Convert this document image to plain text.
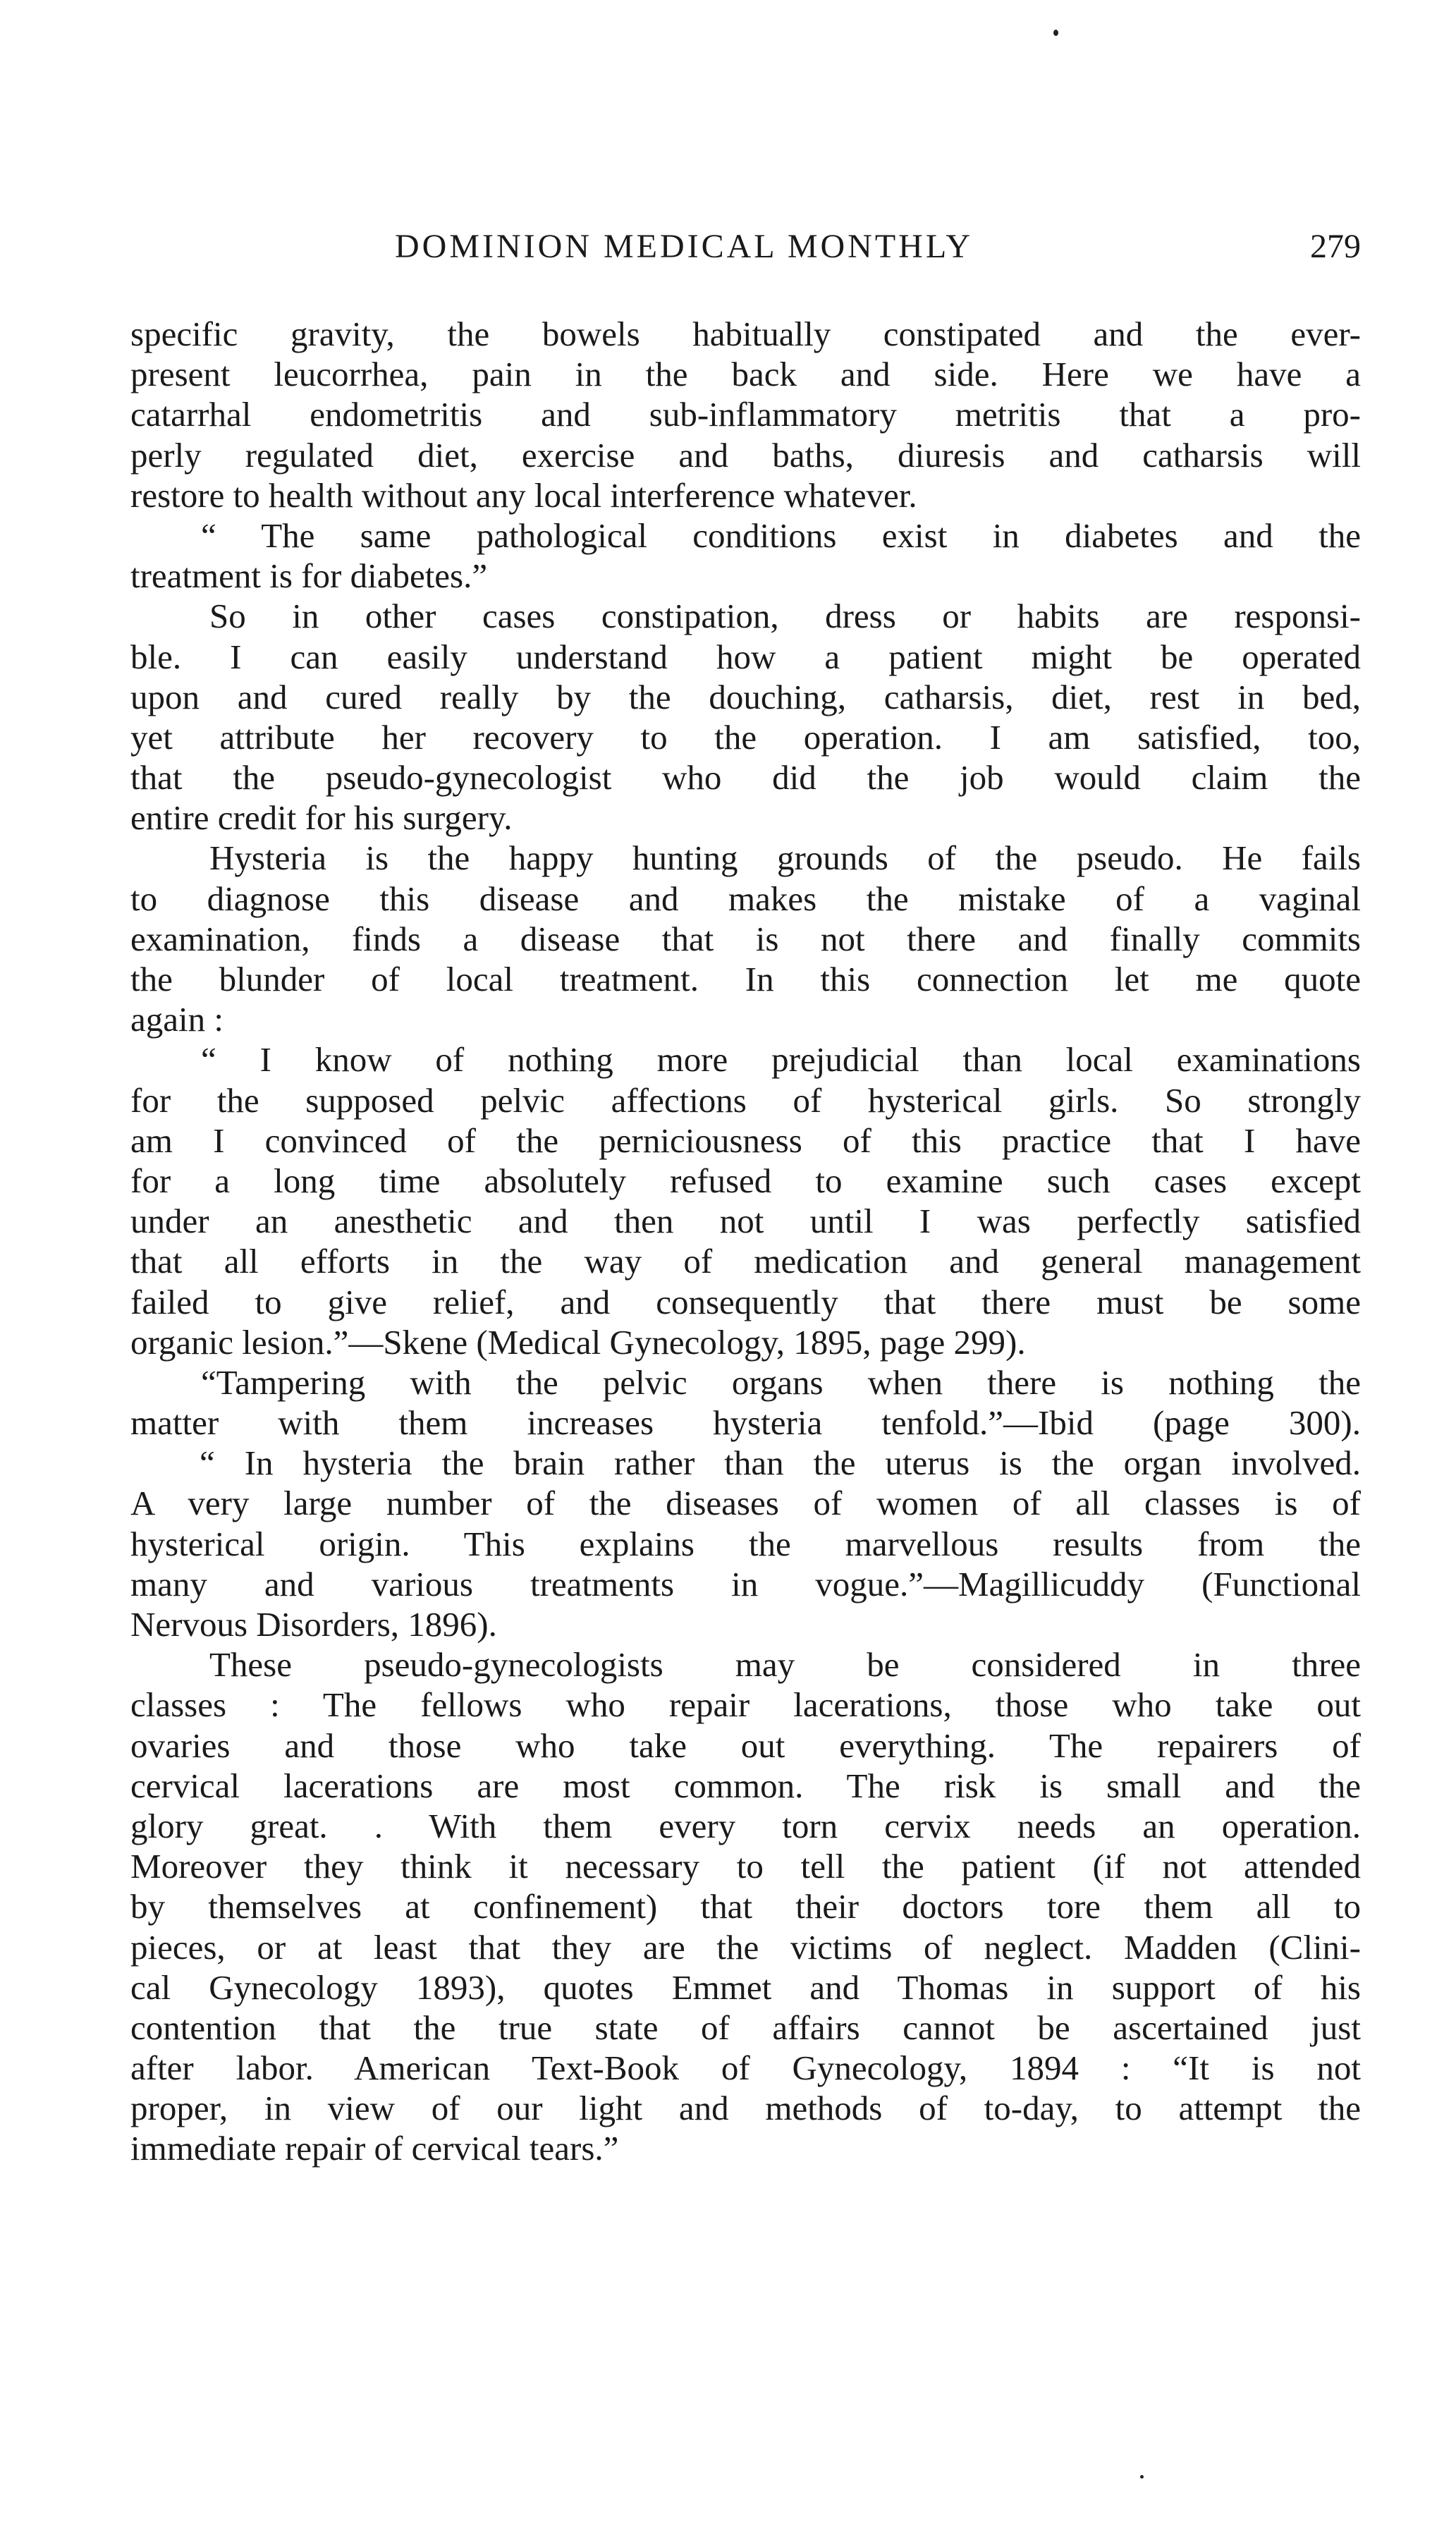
DOMINION MEDICAL MONTHLY	279
specific gravity, the bowels habitually constipated and the ever-
present leucorrhea, pain in the back and side. Here we have a
catarrhal endometritis and sub-inflammatory metritis that a pro-
perly regulated diet, exercise and baths, diuresis and catharsis will
restore to health without any local interference whatever.
“ The same pathological conditions exist in diabetes and the
treatment is for diabetes.”
So in other cases constipation, dress or habits are responsi-
ble. I can easily understand how a patient might be operated
upon and cured really by the douching, catharsis, diet, rest in bed,
yet attribute her recovery to the operation. I am satisfied, too,
that the pseudo-gynecologist who did the job would claim the
entire credit for his surgery.
Hysteria is the happy hunting grounds of the pseudo. He fails
to diagnose this disease and makes the mistake of a vaginal
examination, finds a disease that is not there and finally commits
the blunder of local treatment. In this connection let me quote
again :
“ I know of nothing more prejudicial than local examinations
for the supposed pelvic affections of hysterical girls. So strongly
am I convinced of the perniciousness of this practice that I have
for a long time absolutely refused to examine such cases except
under an anesthetic and then not until I was perfectly satisfied
that all efforts in the way of medication and general management
failed to give relief, and consequently that there must be some
organic lesion.”—Skene (Medical Gynecology, 1895, page 299).
“Tampering with the pelvic organs when there is nothing the
matter with them increases hysteria tenfold.”—Ibid (page 300).
“ In hysteria the brain rather than the uterus is the organ involved.
A very large number of the diseases of women of all classes is of
hysterical origin. This explains the marvellous results from the
many and various treatments in vogue.”—Magillicuddy (Functional
Nervous Disorders, 1896).
These pseudo-gynecologists may be considered in three
classes : The fellows who repair lacerations, those who take out
ovaries and those who take out everything. The repairers of
cervical lacerations are most common. The risk is small and the
glory great. . With them every torn cervix needs an operation.
Moreover they think it necessary to tell the patient (if not attended
by themselves at confinement) that their doctors tore them all to
pieces, or at least that they are the victims of neglect. Madden (Clini-
cal Gynecology 1893), quotes Emmet and Thomas in support of his
contention that the true state of affairs cannot be ascertained just
after labor. American Text-Book of Gynecology, 1894 : “It is not
proper, in view of our light and methods of to-day, to attempt the
immediate repair of cervical tears.”
